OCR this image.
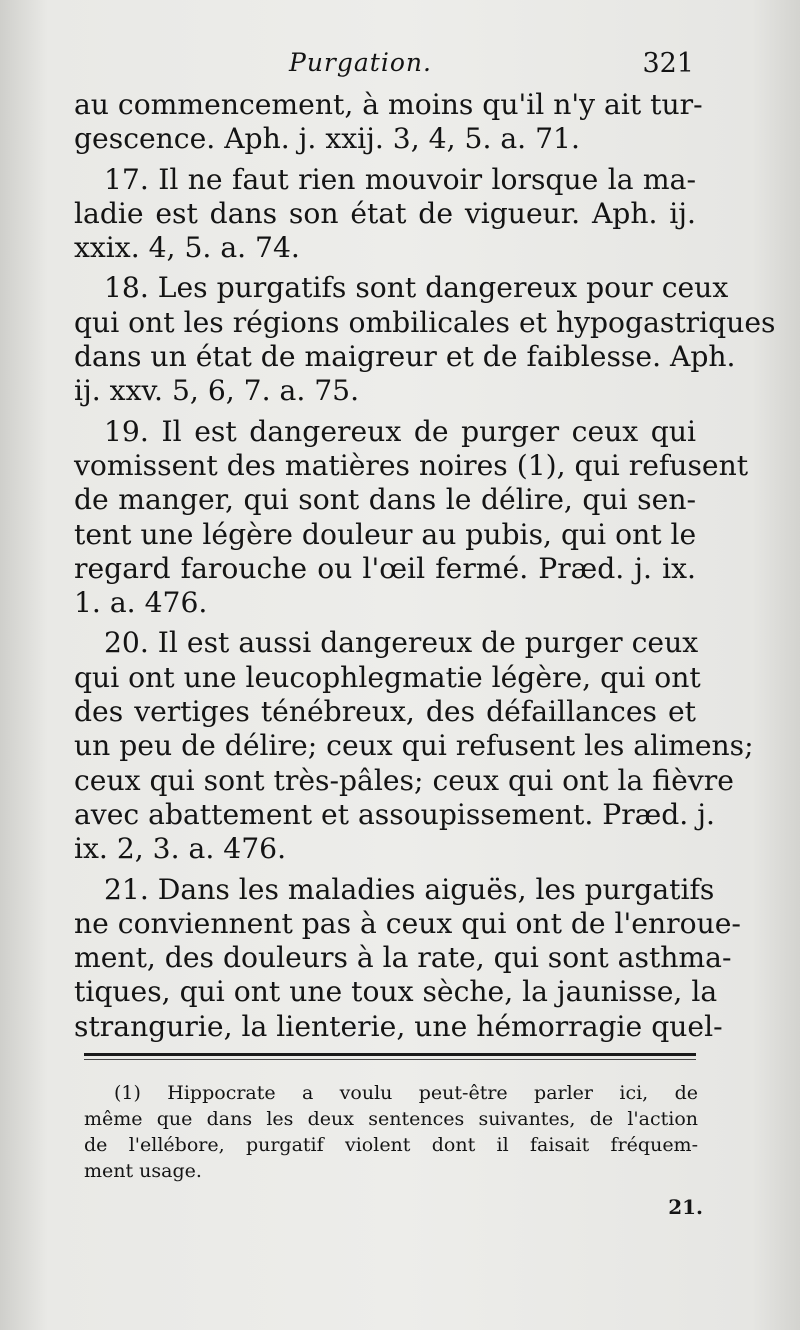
Purgation.	321
au commencement, à moins qu'il n'y ait tur-
gescence. Aph. j. xxij. 3, 4, 5. a. 71.
17. Il ne faut rien mouvoir lorsque la ma-
ladie est dans son état de vigueur. Aph. ij.
xxix. 4, 5. a. 74.
18. Les purgatifs sont dangereux pour ceux
qui ont les régions ombilicales et hypogastriques
dans un état de maigreur et de faiblesse. Aph.
ij. xxv. 5, 6, 7. a. 75.
19. Il est dangereux de purger ceux qui
vomissent des matières noires (1), qui refusent
de manger, qui sont dans le délire, qui sen-
tent une légère douleur au pubis, qui ont le
regard farouche ou l'œil fermé. Præd. j. ix.
1. a. 476.
20. Il est aussi dangereux de purger ceux
qui ont une leucophlegmatie légère, qui ont
des vertiges ténébreux, des défaillances et
un peu de délire; ceux qui refusent les alimens;
ceux qui sont très-pâles; ceux qui ont la fièvre
avec abattement et assoupissement. Præd. j.
ix. 2, 3. a. 476.
21. Dans les maladies aiguës, les purgatifs
ne conviennent pas à ceux qui ont de l'enroue-
ment, des douleurs à la rate, qui sont asthma-
tiques, qui ont une toux sèche, la jaunisse, la
strangurie, la lienterie, une hémorragie quel-
(1) Hippocrate a voulu peut-être parler ici, de
même que dans les deux sentences suivantes, de l'action
de l'ellébore, purgatif violent dont il faisait fréquem-
ment usage.
21.
